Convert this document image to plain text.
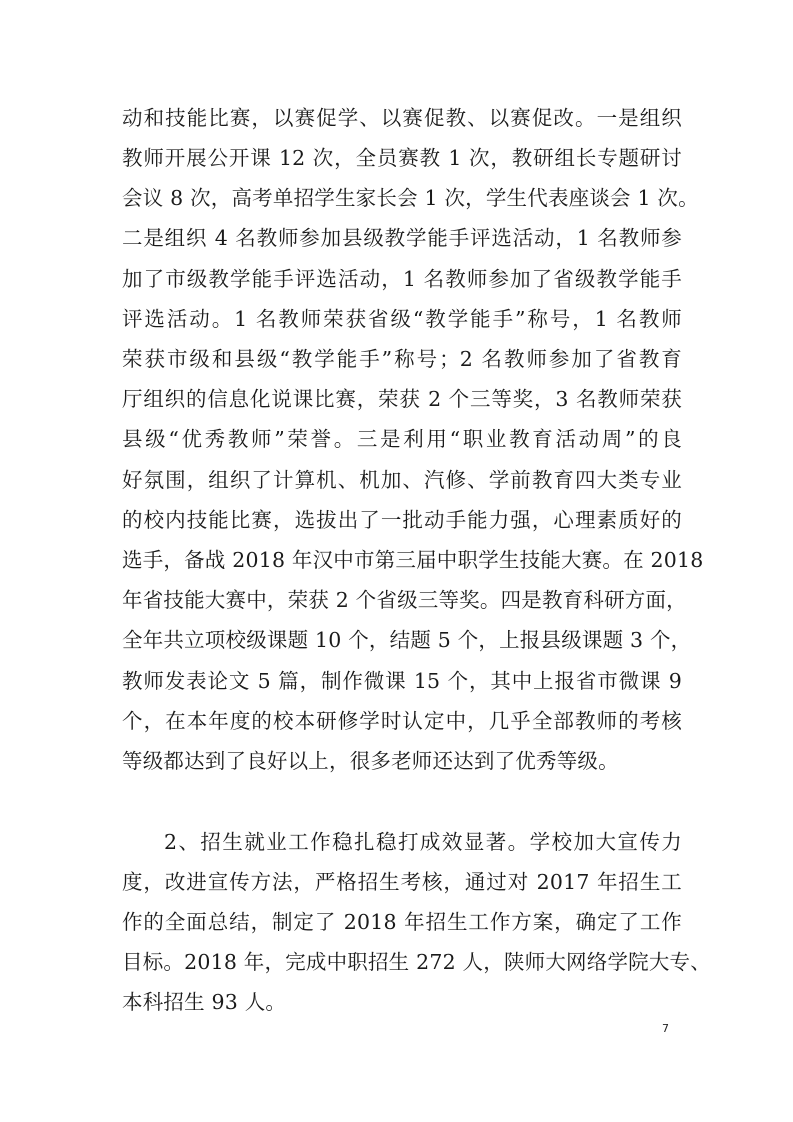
动和技能比赛，以赛促学、以赛促教、以赛促改。一是组织
教师开展公开课 12 次，全员赛教 1 次，教研组长专题研讨
会议 8 次，高考单招学生家长会 1 次，学生代表座谈会 1 次。
二是组织 4 名教师参加县级教学能手评选活动，1 名教师参
加了市级教学能手评选活动，1 名教师参加了省级教学能手
评选活动。1 名教师荣获省级“教学能手”称号，1 名教师
荣获市级和县级“教学能手”称号；2 名教师参加了省教育
厅组织的信息化说课比赛，荣获 2 个三等奖，3 名教师荣获
县级“优秀教师”荣誉。三是利用“职业教育活动周”的良
好氛围，组织了计算机、机加、汽修、学前教育四大类专业
的校内技能比赛，选拔出了一批动手能力强，心理素质好的
选手，备战 2018 年汉中市第三届中职学生技能大赛。在 2018
年省技能大赛中，荣获 2 个省级三等奖。四是教育科研方面，
全年共立项校级课题 10 个，结题 5 个，上报县级课题 3 个，
教师发表论文 5 篇，制作微课 15 个，其中上报省市微课 9
个，在本年度的校本研修学时认定中，几乎全部教师的考核
等级都达到了良好以上，很多老师还达到了优秀等级。
2、招生就业工作稳扎稳打成效显著。学校加大宣传力
度，改进宣传方法，严格招生考核，通过对 2017 年招生工
作的全面总结，制定了 2018 年招生工作方案，确定了工作
目标。2018 年，完成中职招生 272 人，陕师大网络学院大专、
本科招生 93 人。
7
